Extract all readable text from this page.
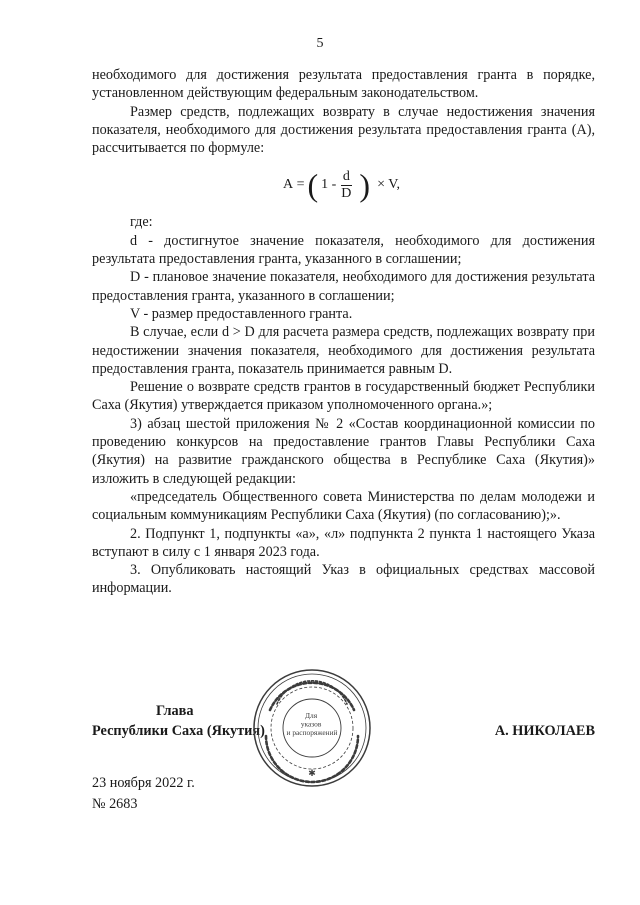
5

необходимого для достижения результата предоставления гранта в порядке, установленном действующим федеральным законодательством.

Размер средств, подлежащих возврату в случае недостижения значения показателя, необходимого для достижения результата предоставления гранта (А), рассчитывается по формуле:

А = ( $1 - \frac{d}{D}$ ) × V,

где:

d - достигнутое значение показателя, необходимого для достижения результата предоставления гранта, указанного в соглашении;

D - плановое значение показателя, необходимого для достижения результата предоставления гранта, указанного в соглашении;

V - размер предоставленного гранта.

В случае, если d > D для расчета размера средств, подлежащих возврату при недостижении значения показателя, необходимого для достижения результата предоставления гранта, показатель принимается равным D.

Решение о возврате средств грантов в государственный бюджет Республики Саха (Якутия) утверждается приказом уполномоченного органа.»;

3) абзац шестой приложения № 2 «Состав координационной комиссии по проведению конкурсов на предоставление грантов Главы Республики Саха (Якутия) на развитие гражданского общества в Республике Саха (Якутия)» изложить в следующей редакции:

«председатель Общественного совета Министерства по делам молодежи и социальным коммуникациям Республики Саха (Якутия) (по согласованию);».

2. Подпункт 1, подпункты «а», «л» подпункта 2 пункта 1 настоящего Указа вступают в силу с 1 января 2023 года.

3. Опубликовать настоящий Указ в официальных средствах массовой информации.

Глава
Республики Саха (Якутия)	А. НИКОЛАЕВ
Для указов и распоряжений
✱
23 ноября 2022 г.
№ 2683
